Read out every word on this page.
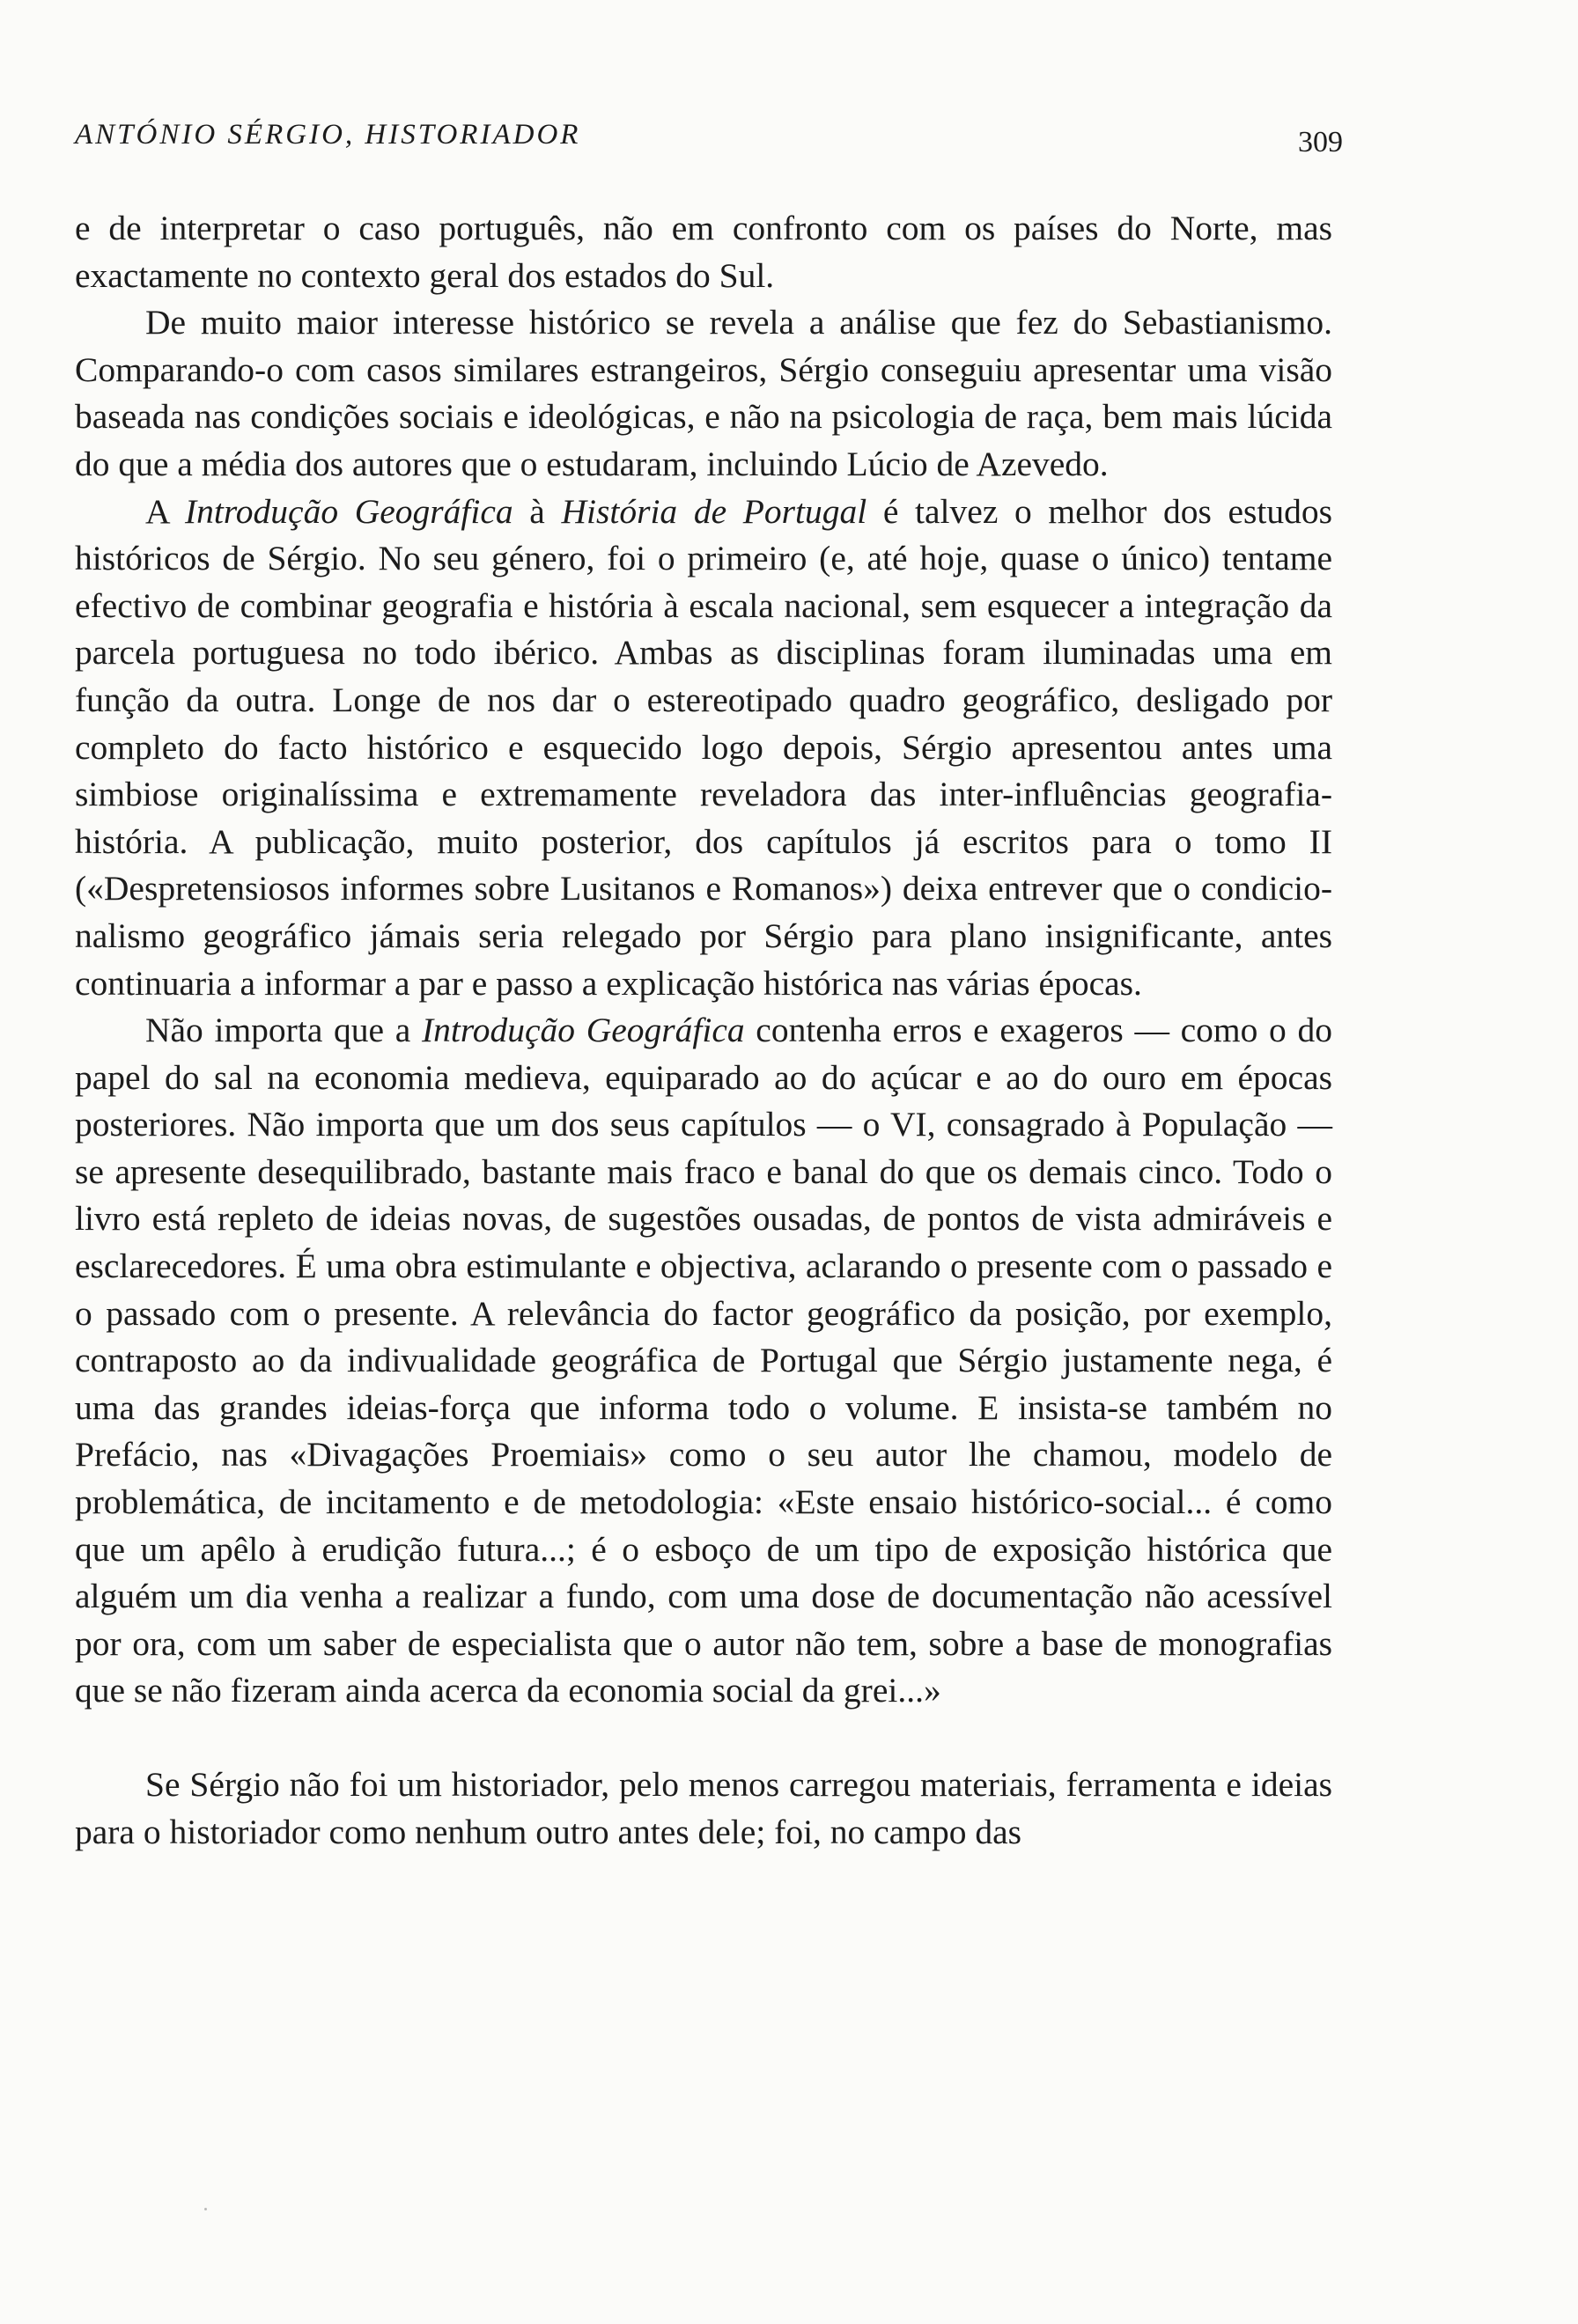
ANTÓNIO SÉRGIO, HISTORIADOR	309

e de interpretar o caso português, não em confronto com os países do Norte, mas exactamente no contexto geral dos estados do Sul.

De muito maior interesse histórico se revela a análise que fez do Sebastianismo. Comparando-o com casos similares estrangeiros, Sérgio conseguiu apresentar uma visão baseada nas condições sociais e ideológicas, e não na psicologia de raça, bem mais lúcida do que a média dos autores que o estudaram, incluindo Lúcio de Azevedo.

A Introdução Geográfica à História de Portugal é talvez o melhor dos estudos históricos de Sérgio. No seu género, foi o primeiro (e, até hoje, quase o único) tentame efectivo de combinar geografia e história à escala nacional, sem esquecer a integração da parcela portuguesa no todo ibérico. Ambas as disciplinas foram iluminadas uma em função da outra. Longe de nos dar o estereotipado quadro geográfico, desligado por completo do facto histórico e esquecido logo depois, Sérgio apresentou antes uma simbiose originalíssima e extremamente reveladora das inter-influências geografia-história. A publicação, muito posterior, dos capítulos já escritos para o tomo II («Despretensiosos informes sobre Lusitanos e Romanos») deixa entrever que o condicionalismo geográfico jámais seria relegado por Sérgio para plano insignificante, antes continuaria a informar a par e passo a explicação histórica nas várias épocas.

Não importa que a Introdução Geográfica contenha erros e exageros — como o do papel do sal na economia medieva, equiparado ao do açúcar e ao do ouro em épocas posteriores. Não importa que um dos seus capítulos — o VI, consagrado à População — se apresente desequilibrado, bastante mais fraco e banal do que os demais cinco. Todo o livro está repleto de ideias novas, de sugestões ousadas, de pontos de vista admiráveis e esclarecedores. É uma obra estimulante e objectiva, aclarando o presente com o passado e o passado com o presente. A relevância do factor geográfico da posição, por exemplo, contraposto ao da indivualidade geográfica de Portugal que Sérgio justamente nega, é uma das grandes ideias-força que informa todo o volume. E insista-se também no Prefácio, nas «Divagações Proemiais» como o seu autor lhe chamou, modelo de problemática, de incitamento e de metodologia: «Este ensaio histórico-social... é como que um apêlo à erudição futura...; é o esboço de um tipo de exposição histórica que alguém um dia venha a realizar a fundo, com uma dose de documentação não acessível por ora, com um saber de especialista que o autor não tem, sobre a base de monografias que se não fizeram ainda acerca da economia social da grei...»

Se Sérgio não foi um historiador, pelo menos carregou materiais, ferramenta e ideias para o historiador como nenhum outro antes dele; foi, no campo das
